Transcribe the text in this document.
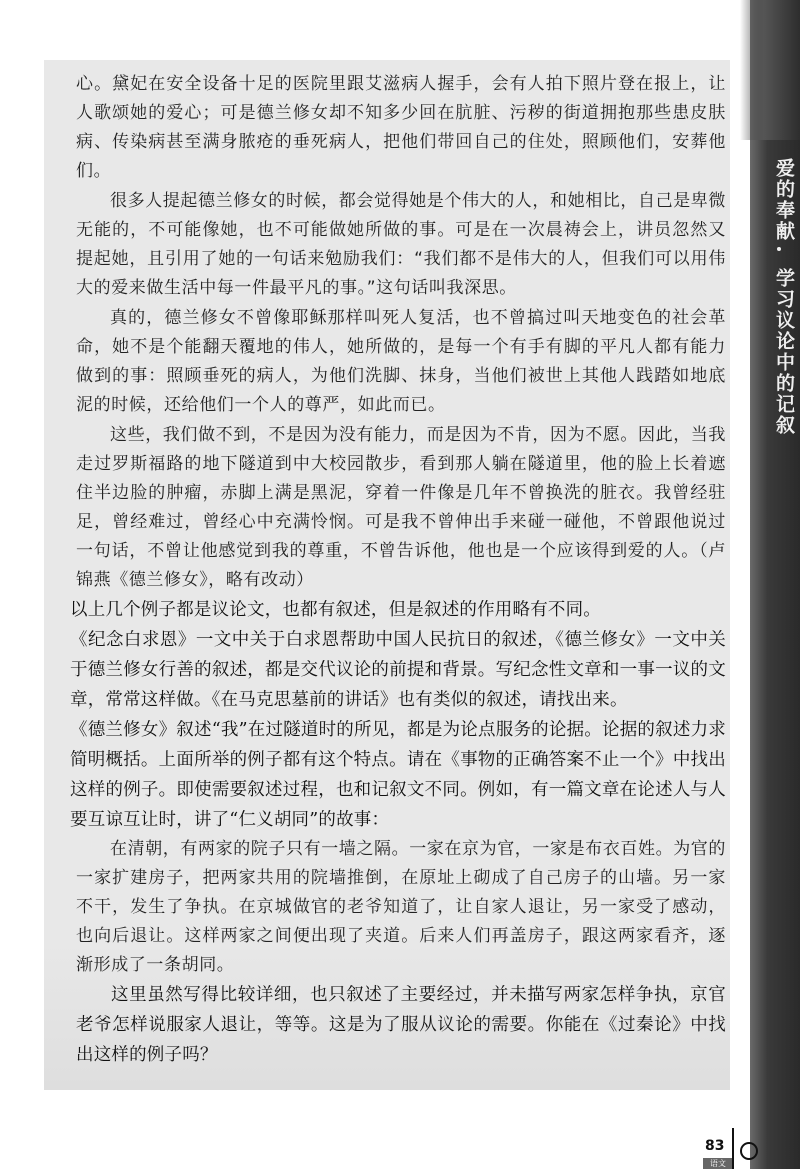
心。黛妃在安全设备十足的医院里跟艾滋病人握手，会有人拍下照片登在报上，让人歌颂她的爱心；可是德兰修女却不知多少回在肮脏、污秽的街道拥抱那些患皮肤病、传染病甚至满身脓疮的垂死病人，把他们带回自己的住处，照顾他们，安葬他们。

很多人提起德兰修女的时候，都会觉得她是个伟大的人，和她相比，自己是卑微无能的，不可能像她，也不可能做她所做的事。可是在一次晨祷会上，讲员忽然又提起她，且引用了她的一句话来勉励我们：“我们都不是伟大的人，但我们可以用伟大的爱来做生活中每一件最平凡的事。”这句话叫我深思。

真的，德兰修女不曾像耶稣那样叫死人复活，也不曾搞过叫天地变色的社会革命，她不是个能翻天覆地的伟人，她所做的，是每一个有手有脚的平凡人都有能力做到的事：照顾垂死的病人，为他们洗脚、抹身，当他们被世上其他人践踏如地底泥的时候，还给他们一个人的尊严，如此而已。

这些，我们做不到，不是因为没有能力，而是因为不肯，因为不愿。因此，当我走过罗斯福路的地下隧道到中大校园散步，看到那人躺在隧道里，他的脸上长着遮住半边脸的肿瘤，赤脚上满是黑泥，穿着一件像是几年不曾换洗的脏衣。我曾经驻足，曾经难过，曾经心中充满怜悯。可是我不曾伸出手来碰一碰他，不曾跟他说过一句话，不曾让他感觉到我的尊重，不曾告诉他，他也是一个应该得到爱的人。（卢锦燕《德兰修女》，略有改动）

以上几个例子都是议论文，也都有叙述，但是叙述的作用略有不同。

《纪念白求恩》一文中关于白求恩帮助中国人民抗日的叙述，《德兰修女》一文中关于德兰修女行善的叙述，都是交代议论的前提和背景。写纪念性文章和一事一议的文章，常常这样做。《在马克思墓前的讲话》也有类似的叙述，请找出来。

《德兰修女》叙述“我”在过隧道时的所见，都是为论点服务的论据。论据的叙述力求简明概括。上面所举的例子都有这个特点。请在《事物的正确答案不止一个》中找出这样的例子。即使需要叙述过程，也和记叙文不同。例如，有一篇文章在论述人与人要互谅互让时，讲了“仁义胡同”的故事：

在清朝，有两家的院子只有一墙之隔。一家在京为官，一家是布衣百姓。为官的一家扩建房子，把两家共用的院墙推倒，在原址上砌成了自己房子的山墙。另一家不干，发生了争执。在京城做官的老爷知道了，让自家人退让，另一家受了感动，也向后退让。这样两家之间便出现了夹道。后来人们再盖房子，跟这两家看齐，逐渐形成了一条胡同。

这里虽然写得比较详细，也只叙述了主要经过，并未描写两家怎样争执，京官老爷怎样说服家人退让，等等。这是为了服从议论的需要。你能在《过秦论》中找出这样的例子吗？

爱的奉献
学习议论中的记叙
83
语文
